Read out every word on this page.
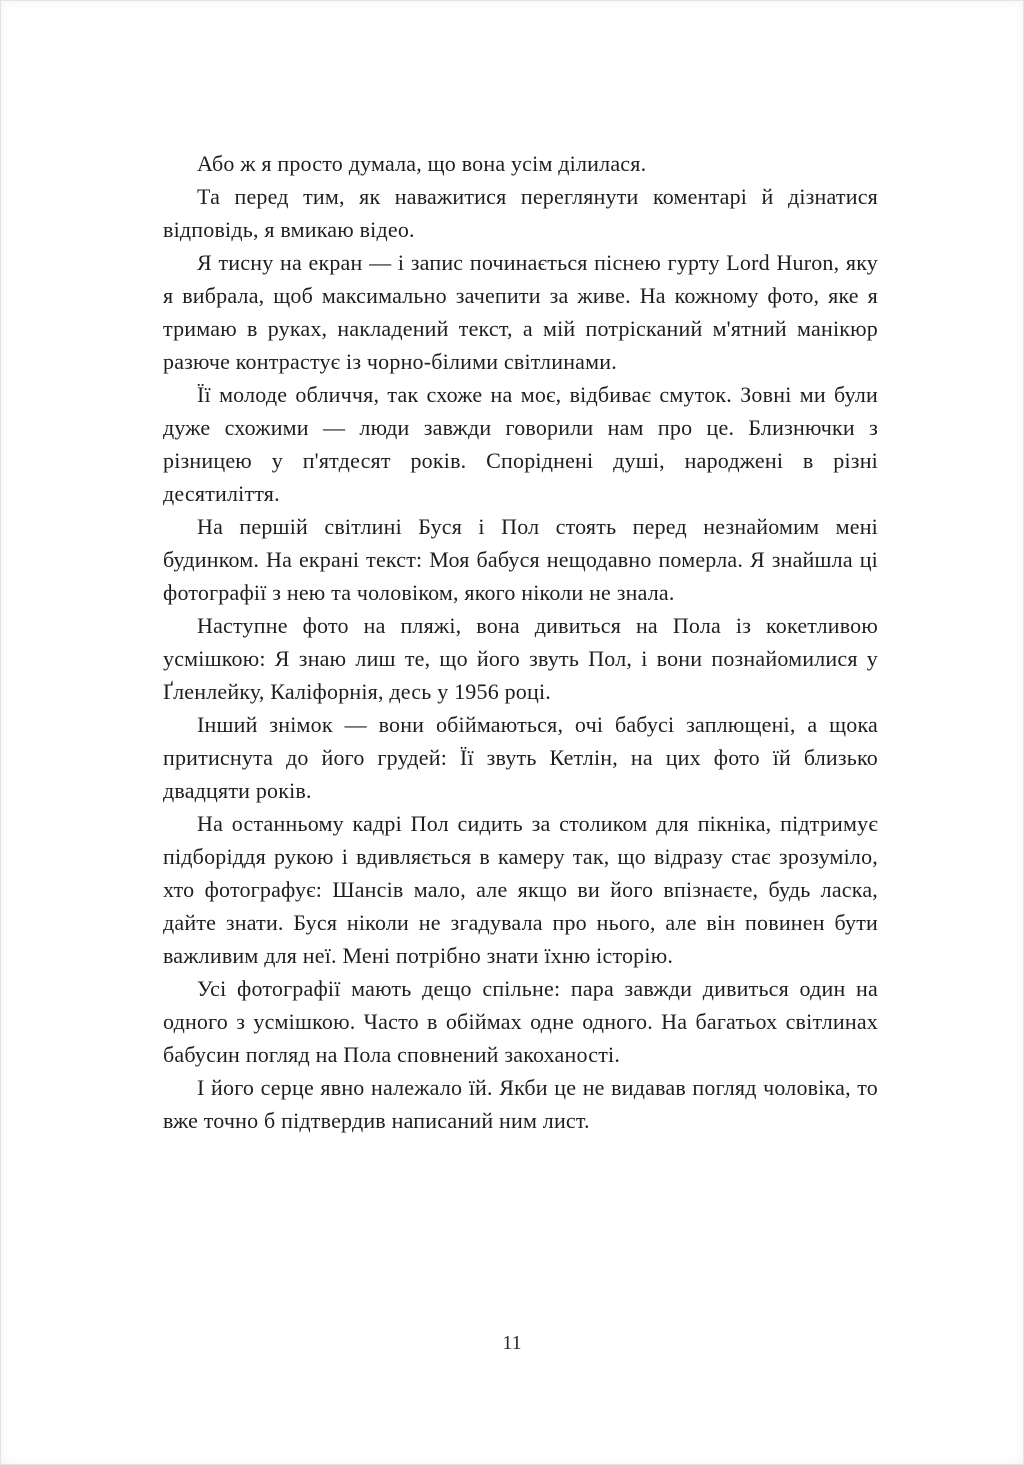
Або ж я просто думала, що вона усім ділилася.

Та перед тим, як наважитися переглянути коментарі й дізнатися відповідь, я вмикаю відео.

Я тисну на екран — і запис починається піснею гурту Lord Huron, яку я вибрала, щоб максимально зачепити за живе. На кожному фото, яке я тримаю в руках, накладений текст, а мій потрісканий м'ятний манікюр разюче контрастує із чорно-білими світлинами.

Її молоде обличчя, так схоже на моє, відбиває смуток. Зовні ми були дуже схожими — люди завжди говорили нам про це. Близнючки з різницею у п'ятдесят років. Споріднені душі, народжені в різні десятиліття.

На першій світлині Буся і Пол стоять перед незнайомим мені будинком. На екрані текст: Моя бабуся нещодавно померла. Я знайшла ці фотографії з нею та чоловіком, якого ніколи не знала.

Наступне фото на пляжі, вона дивиться на Пола із кокетливою усмішкою: Я знаю лиш те, що його звуть Пол, і вони познайомилися у Ґленлейку, Каліфорнія, десь у 1956 році.

Інший знімок — вони обіймаються, очі бабусі заплющені, а щока притиснута до його грудей: Її звуть Кетлін, на цих фото їй близько двадцяти років.

На останньому кадрі Пол сидить за столиком для пікніка, підтримує підборіддя рукою і вдивляється в камеру так, що відразу стає зрозуміло, хто фотографує: Шансів мало, але якщо ви його впізнаєте, будь ласка, дайте знати. Буся ніколи не згадувала про нього, але він повинен бути важливим для неї. Мені потрібно знати їхню історію.

Усі фотографії мають дещо спільне: пара завжди дивиться один на одного з усмішкою. Часто в обіймах одне одного. На багатьох світлинах бабусин погляд на Пола сповнений закоханості.

І його серце явно належало їй. Якби це не видавав погляд чоловіка, то вже точно б підтвердив написаний ним лист.

11
